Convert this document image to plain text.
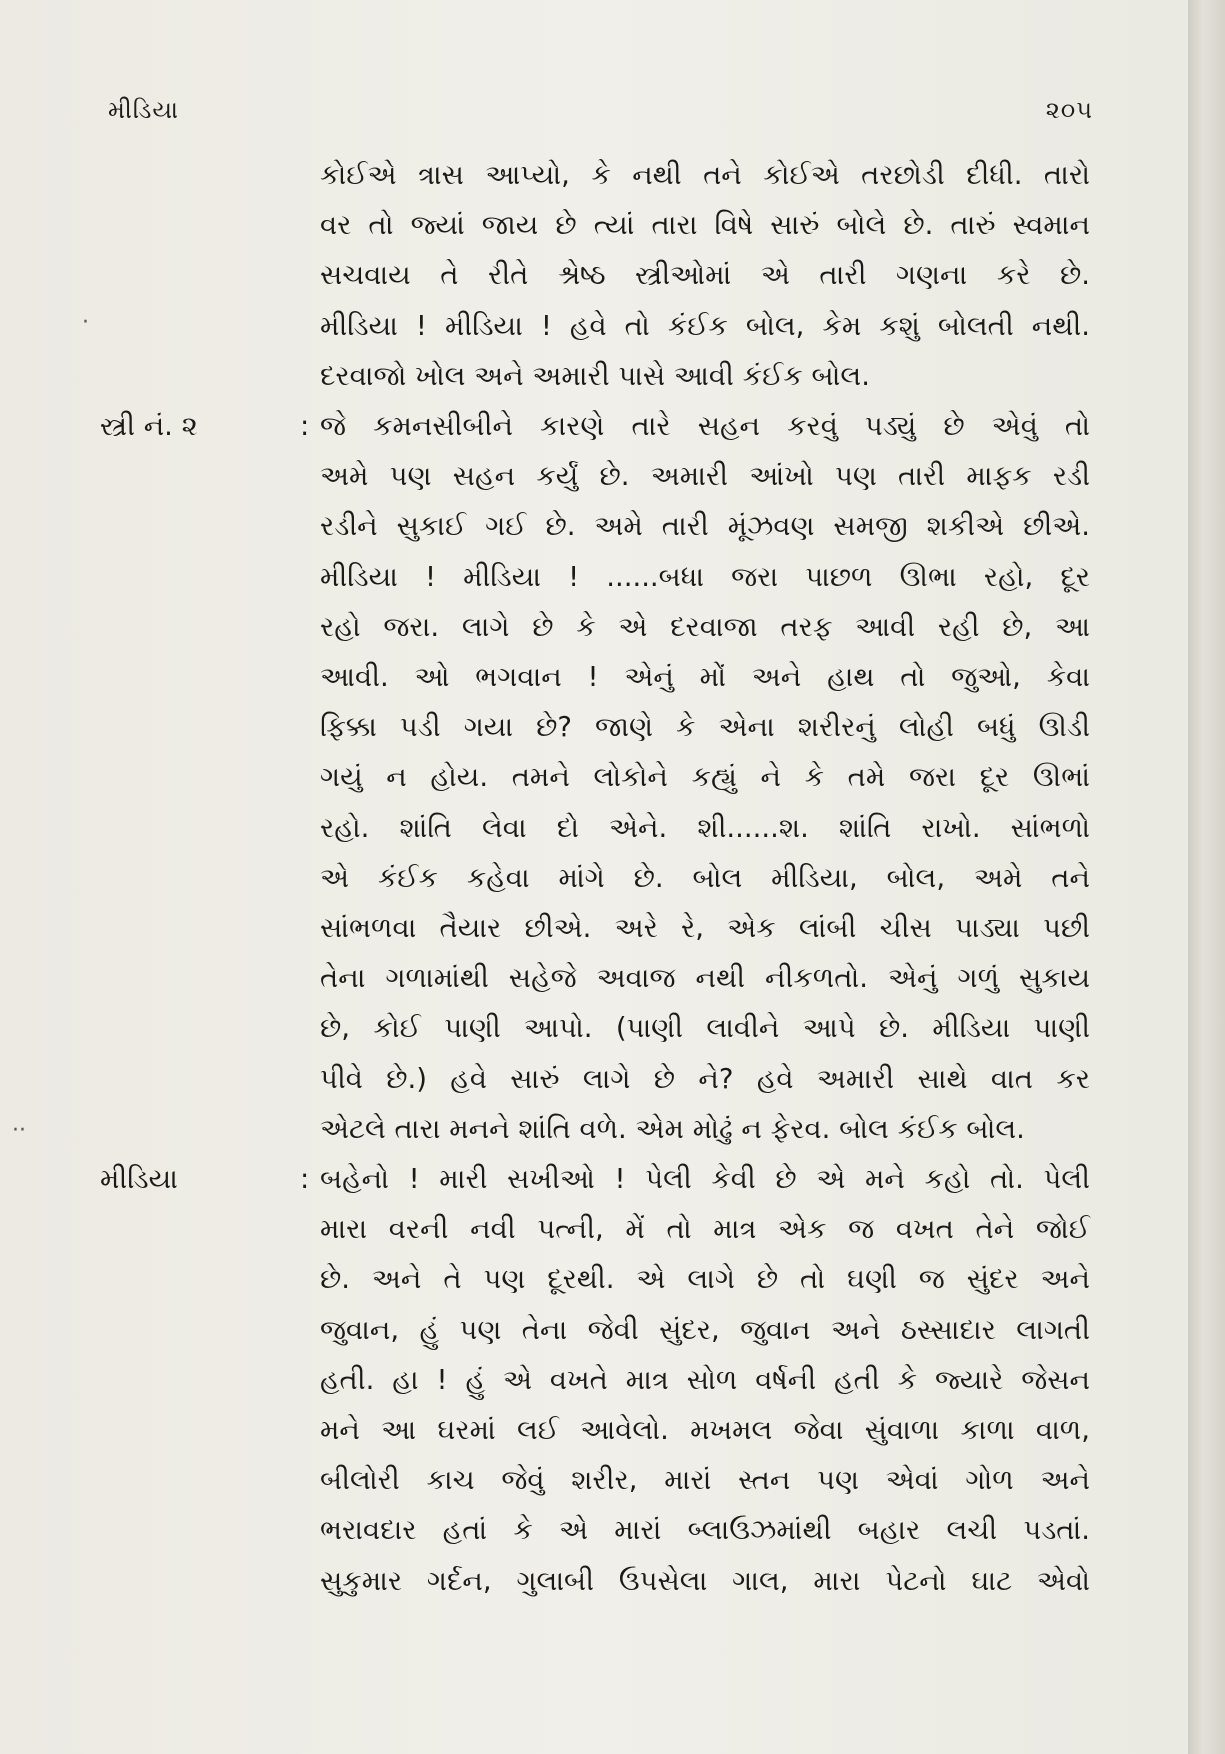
મીડિયા	૨૦૫
·
··
કોઈએ ત્રાસ આપ્યો, કે નથી તને કોઈએ તરછોડી દીધી. તારો
વર તો જ્યાં જાય છે ત્યાં તારા વિષે સારું બોલે છે. તારું સ્વમાન
સચવાય તે રીતે શ્રેષ્ઠ સ્ત્રીઓમાં એ તારી ગણના કરે છે.
મીડિયા ! મીડિયા ! હવે તો કંઈક બોલ, કેમ કશું બોલતી નથી.
દરવાજો ખોલ અને અમારી પાસે આવી કંઈક બોલ.
સ્ત્રી નં. ૨	: જે કમનસીબીને કારણે તારે સહન કરવું પડ્યું છે એવું તો
અમે પણ સહન કર્યું છે. અમારી આંખો પણ તારી માફક રડી
રડીને સુકાઈ ગઈ છે. અમે તારી મૂંઝવણ સમજી શકીએ છીએ.
મીડિયા ! મીડિયા ! ......બધા જરા પાછળ ઊભા રહો, દૂર
રહો જરા. લાગે છે કે એ દરવાજા તરફ આવી રહી છે, આ
આવી. ઓ ભગવાન ! એનું મોં અને હાથ તો જુઓ, કેવા
ફિક્કા પડી ગયા છે? જાણે કે એના શરીરનું લોહી બધું ઊડી
ગયું ન હોય. તમને લોકોને કહ્યું ને કે તમે જરા દૂર ઊભાં
રહો. શાંતિ લેવા દો એને. શી......શ. શાંતિ રાખો. સાંભળો
એ કંઈક કહેવા માંગે છે. બોલ મીડિયા, બોલ, અમે તને
સાંભળવા તૈયાર છીએ. અરે રે, એક લાંબી ચીસ પાડ્યા પછી
તેના ગળામાંથી સહેજે અવાજ નથી નીકળતો. એનું ગળું સુકાય
છે, કોઈ પાણી આપો. (પાણી લાવીને આપે છે. મીડિયા પાણી
પીવે છે.) હવે સારું લાગે છે ને? હવે અમારી સાથે વાત કર
એટલે તારા મનને શાંતિ વળે. એમ મોઢું ન ફેરવ. બોલ કંઈક બોલ.
મીડિયા	: બહેનો ! મારી સખીઓ ! પેલી કેવી છે એ મને કહો તો. પેલી
મારા વરની નવી પત્ની, મેં તો માત્ર એક જ વખત તેને જોઈ
છે. અને તે પણ દૂરથી. એ લાગે છે તો ઘણી જ સુંદર અને
જુવાન, હું પણ તેના જેવી સુંદર, જુવાન અને ઠસ્સાદાર લાગતી
હતી. હા ! હું એ વખતે માત્ર સોળ વર્ષની હતી કે જ્યારે જેસન
મને આ ઘરમાં લઈ આવેલો. મખમલ જેવા સુંવાળા કાળા વાળ,
બીલોરી કાચ જેવું શરીર, મારાં સ્તન પણ એવાં ગોળ અને
ભરાવદાર હતાં કે એ મારાં બ્લાઉઝમાંથી બહાર લચી પડતાં.
સુકુમાર ગર્દન, ગુલાબી ઉપસેલા ગાલ, મારા પેટનો ઘાટ એવો
